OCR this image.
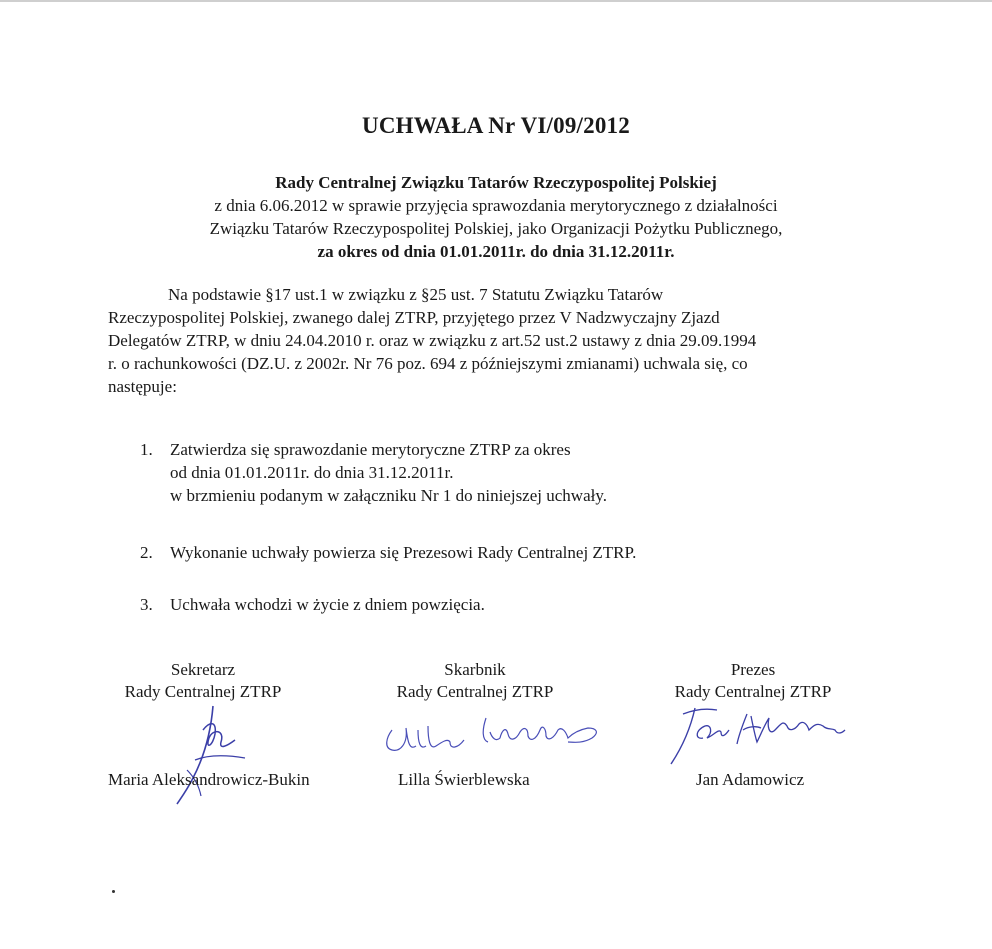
UCHWAŁA Nr VI/09/2012
Rady Centralnej Związku Tatarów Rzeczypospolitej Polskiej
z dnia 6.06.2012 w sprawie przyjęcia sprawozdania merytorycznego z działalności
Związku Tatarów Rzeczypospolitej Polskiej, jako Organizacji Pożytku Publicznego,
za okres od dnia 01.01.2011r. do dnia 31.12.2011r.
Na podstawie §17 ust.1 w związku z §25 ust. 7 Statutu Związku Tatarów
Rzeczypospolitej Polskiej, zwanego dalej ZTRP, przyjętego przez V Nadzwyczajny Zjazd
Delegatów ZTRP, w dniu 24.04.2010 r. oraz w związku z art.52 ust.2 ustawy z dnia 29.09.1994
r. o rachunkowości (DZ.U. z 2002r. Nr 76 poz. 694 z późniejszymi zmianami) uchwala się, co
następuje:
1.	Zatwierdza się sprawozdanie merytoryczne ZTRP za okres
od dnia 01.01.2011r. do dnia 31.12.2011r.
w brzmieniu podanym w załączniku Nr 1 do niniejszej uchwały.
2.	Wykonanie uchwały powierza się Prezesowi Rady Centralnej ZTRP.
3.	Uchwała wchodzi w życie z dniem powzięcia.
Sekretarz
Rady Centralnej ZTRP
Maria Aleksandrowicz-Bukin
Skarbnik
Rady Centralnej ZTRP
Lilla Świerblewska
Prezes
Rady Centralnej ZTRP
Jan Adamowicz
